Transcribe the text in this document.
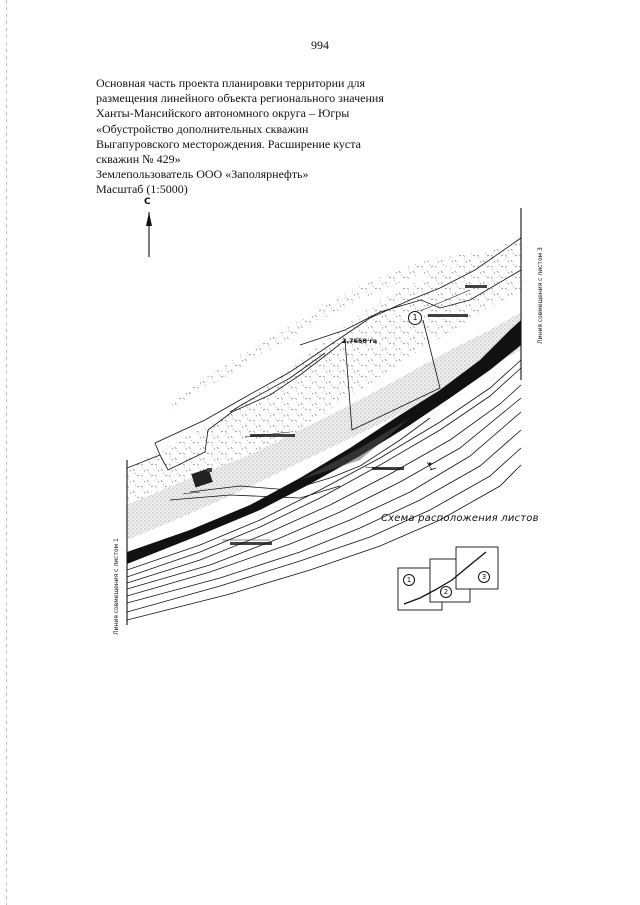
994
Основная часть проекта планировки территории для
размещения линейного объекта регионального значения
Ханты-Мансийского автономного округа – Югры
«Обустройство дополнительных скважин
Выгапуровского месторождения. Расширение куста
скважин № 429»
Землепользователь ООО «Заполярнефть»
Масштаб (1:5000)
С
2.7658 га
1
Линия совмещения с листом 1
Линия совмещения с листом 3
Схема расположения листов
1
2
3
